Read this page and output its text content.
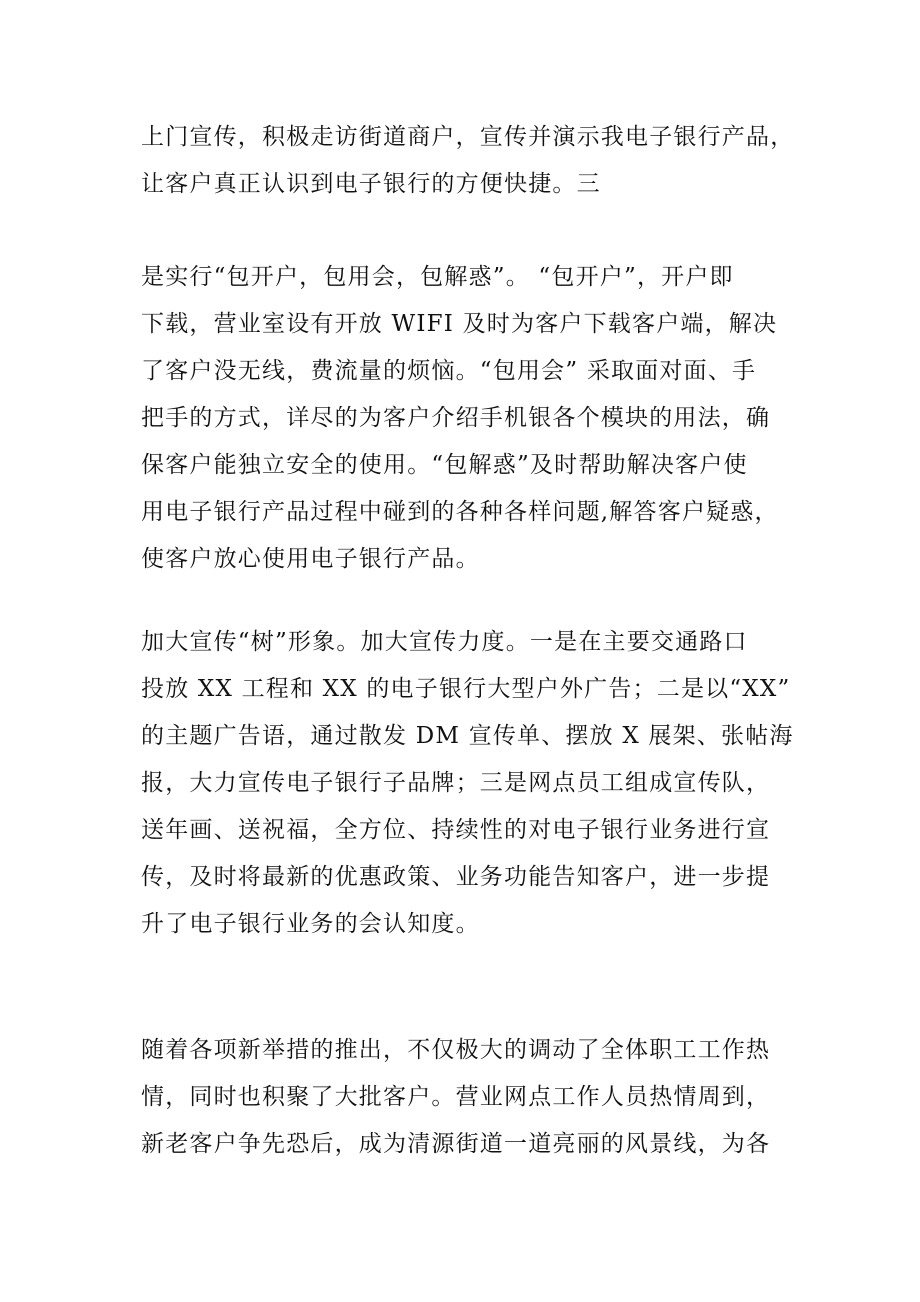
上门宣传，积极走访街道商户，宣传并演示我电子银行产品，
让客户真正认识到电子银行的方便快捷。三

是实行“包开户，包用会，包解惑”。 “包开户”，开户即
下载，营业室设有开放 WIFI 及时为客户下载客户端，解决
了客户没无线，费流量的烦恼。“包用会” 采取面对面、手
把手的方式，详尽的为客户介绍手机银各个模块的用法，确
保客户能独立安全的使用。“包解惑”及时帮助解决客户使
用电子银行产品过程中碰到的各种各样问题,解答客户疑惑，
使客户放心使用电子银行产品。

加大宣传“树”形象。加大宣传力度。一是在主要交通路口
投放 XX 工程和 XX 的电子银行大型户外广告；二是以“XX”
的主题广告语，通过散发 DM 宣传单、摆放 X 展架、张帖海
报，大力宣传电子银行子品牌；三是网点员工组成宣传队，
送年画、送祝福，全方位、持续性的对电子银行业务进行宣
传，及时将最新的优惠政策、业务功能告知客户，进一步提
升了电子银行业务的会认知度。

随着各项新举措的推出，不仅极大的调动了全体职工工作热
情，同时也积聚了大批客户。营业网点工作人员热情周到，
新老客户争先恐后，成为清源街道一道亮丽的风景线，为各
